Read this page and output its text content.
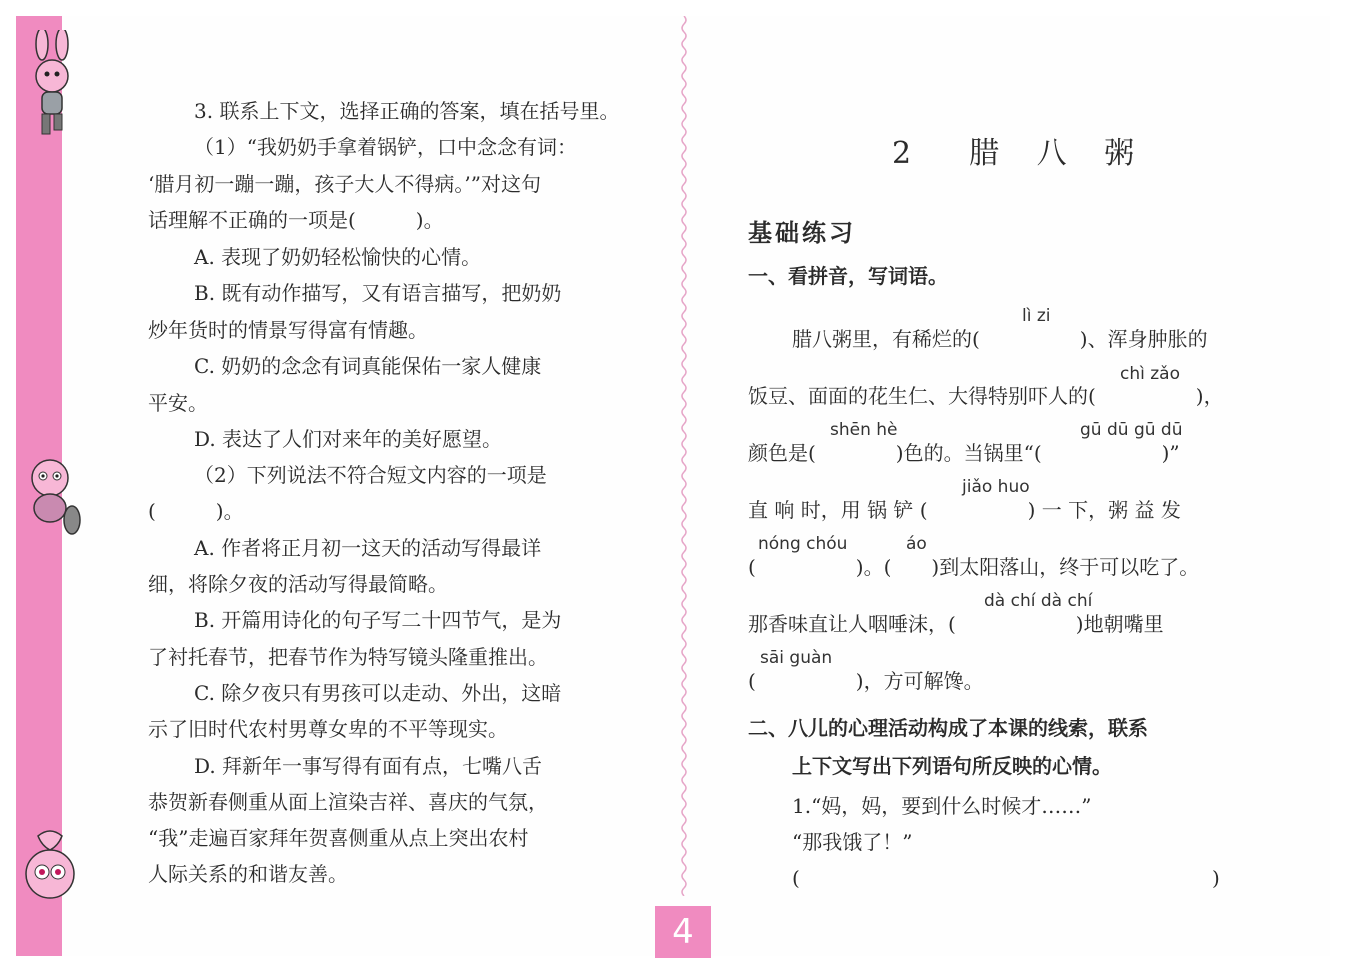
4
3. 联系上下文，选择正确的答案，填在括号里。
（1）“我奶奶手拿着锅铲，口中念念有词：
‘腊月初一蹦一蹦，孩子大人不得病。’”对这句
话理解不正确的一项是(　　　)。
A. 表现了奶奶轻松愉快的心情。
B. 既有动作描写，又有语言描写，把奶奶
炒年货时的情景写得富有情趣。
C. 奶奶的念念有词真能保佑一家人健康
平安。
D. 表达了人们对来年的美好愿望。
（2）下列说法不符合短文内容的一项是
(　　　)。
A. 作者将正月初一这天的活动写得最详
细，将除夕夜的活动写得最简略。
B. 开篇用诗化的句子写二十四节气，是为
了衬托春节，把春节作为特写镜头隆重推出。
C. 除夕夜只有男孩可以走动、外出，这暗
示了旧时代农村男尊女卑的不平等现实。
D. 拜新年一事写得有面有点，七嘴八舌
恭贺新春侧重从面上渲染吉祥、喜庆的气氛，
“我”走遍百家拜年贺喜侧重从点上突出农村
人际关系的和谐友善。
2　腊 八 粥
基础练习
一、看拼音，写词语。
lì zi
腊八粥里，有稀烂的(　　　　　)、浑身肿胀的
chì zǎo
饭豆、面面的花生仁、大得特别吓人的(　　　　　)，
shēn hè	gū dū gū dū
颜色是(　　　　)色的。当锅里“(　　　　　　)”
jiǎo huo
直 响 时，用 锅 铲 (　　　　　) 一 下，粥 益 发
nóng chóu	áo
(　　　　　)。(　　)到太阳落山，终于可以吃了。
dà chí dà chí
那香味直让人咽唾沫，(　　　　　　)地朝嘴里
sāi guàn
(　　　　　)，方可解馋。
二、八儿的心理活动构成了本课的线索，联系
上下文写出下列语句所反映的心情。
1.“妈，妈，要到什么时候才……”
“那我饿了！”
(	)
